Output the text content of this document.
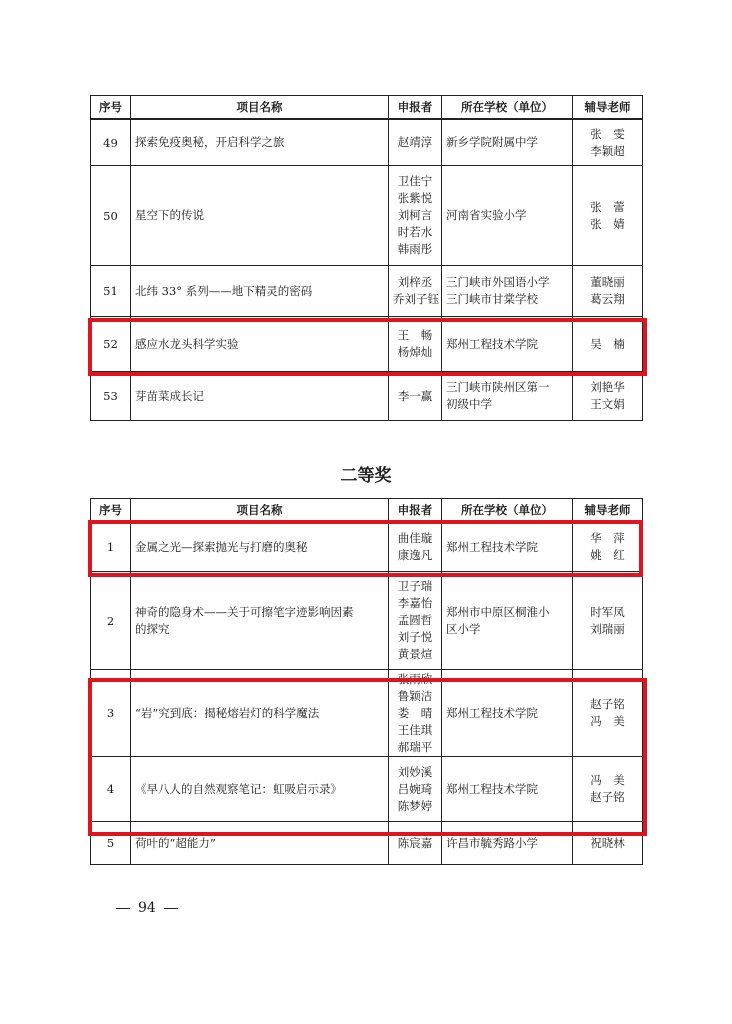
序号	项目名称	申报者	所在学校（单位）	辅导老师
49	探索免疫奥秘，开启科学之旅	赵靖淳	新乡学院附属中学	张　雯
李颖超

50	星空下的传说	卫佳宁
张紫悦
刘柯言
时若水
韩雨彤	河南省实验小学	张　蕾
张　婧

51	北纬 33° 系列——地下精灵的密码	刘梓丞
乔刘子钰	三门峡市外国语小学
三门峡市甘棠学校	董晓丽
葛云翔

52	感应水龙头科学实验	王　畅
杨焯灿	郑州工程技术学院	吴　楠

53	芽苗菜成长记	李一赢	三门峡市陕州区第一
初级中学	刘艳华
王文娟
二等奖
序号	项目名称	申报者	所在学校（单位）	辅导老师
1	金属之光—探索抛光与打磨的奥秘	曲佳璇
康逸凡	郑州工程技术学院	华　萍
姚　红

2	神奇的隐身术——关于可擦笔字迹影响因素
的探究	卫子瑞
李嘉怡
孟圆哲
刘子悦
黄景煊	郑州市中原区桐淮小
区小学	时军凤
刘瑞丽

3	“岩”究到底：揭秘熔岩灯的科学魔法	张雨欣
鲁颖洁
娄　晴
王佳琪
郝瑞平	郑州工程技术学院	赵子铭
冯　美

4	《早八人的自然观察笔记：虹吸启示录》	刘妙溪
吕婉琦
陈梦婷	郑州工程技术学院	冯　美
赵子铭

5	荷叶的“超能力”	陈宸嘉	许昌市毓秀路小学	祝晓林
94
